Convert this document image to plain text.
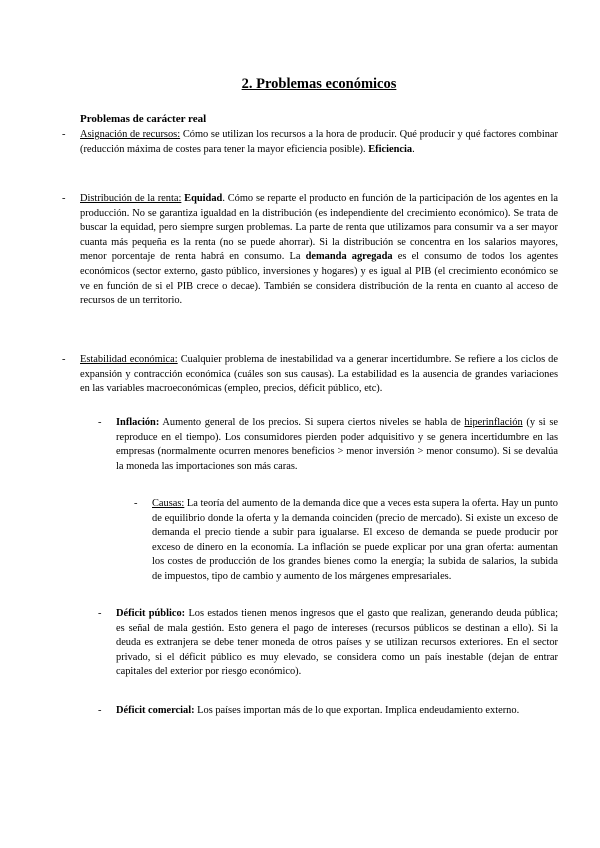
2. Problemas económicos
Problemas de carácter real
- Asignación de recursos: Cómo se utilizan los recursos a la hora de producir. Qué producir y qué factores combinar (reducción máxima de costes para tener la mayor eficiencia posible). Eficiencia.
- Distribución de la renta: Equidad. Cómo se reparte el producto en función de la participación de los agentes en la producción. No se garantiza igualdad en la distribución (es independiente del crecimiento económico). Se trata de buscar la equidad, pero siempre surgen problemas. La parte de renta que utilizamos para consumir va a ser mayor cuanta más pequeña es la renta (no se puede ahorrar). Si la distribución se concentra en los salarios mayores, menor porcentaje de renta habrá en consumo. La demanda agregada es el consumo de todos los agentes económicos (sector externo, gasto público, inversiones y hogares) y es igual al PIB (el crecimiento económico se ve en función de si el PIB crece o decae). También se considera distribución de la renta en cuanto al acceso de recursos de un territorio.
- Estabilidad económica: Cualquier problema de inestabilidad va a generar incertidumbre. Se refiere a los ciclos de expansión y contracción económica (cuáles son sus causas). La estabilidad es la ausencia de grandes variaciones en las variables macroeconómicas (empleo, precios, déficit público, etc).
- Inflación: Aumento general de los precios. Si supera ciertos niveles se habla de hiperinflación (y si se reproduce en el tiempo). Los consumidores pierden poder adquisitivo y se genera incertidumbre en las empresas (normalmente ocurren menores beneficios > menor inversión > menor consumo). Si se devalúa la moneda las importaciones son más caras.
- Causas: La teoría del aumento de la demanda dice que a veces esta supera la oferta. Hay un punto de equilibrio donde la oferta y la demanda coinciden (precio de mercado). Si existe un exceso de demanda el precio tiende a subir para igualarse. El exceso de demanda se puede producir por exceso de dinero en la economía. La inflación se puede explicar por una gran oferta: aumentan los costes de producción de los grandes bienes como la energía; la subida de salarios, la subida de impuestos, tipo de cambio y aumento de los márgenes empresariales.
- Déficit público: Los estados tienen menos ingresos que el gasto que realizan, generando deuda pública; es señal de mala gestión. Esto genera el pago de intereses (recursos públicos se destinan a ello). Si la deuda es extranjera se debe tener moneda de otros países y se utilizan recursos exteriores. En el sector privado, si el déficit público es muy elevado, se considera como un país inestable (dejan de entrar capitales del exterior por riesgo económico).
- Déficit comercial: Los países importan más de lo que exportan. Implica endeudamiento externo.
